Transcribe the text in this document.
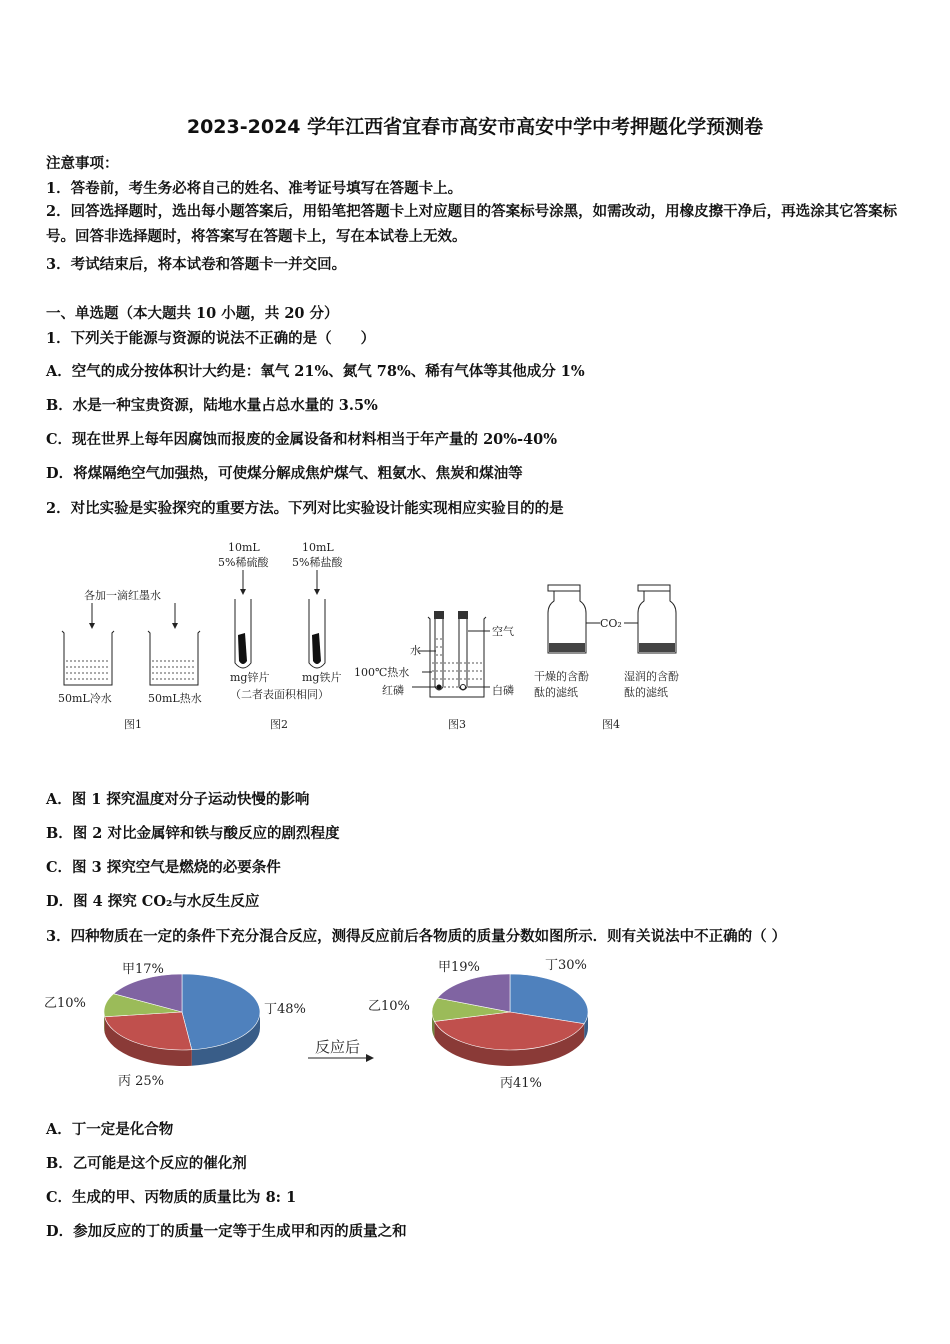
2023-2024 学年江西省宜春市高安市高安中学中考押题化学预测卷
注意事项：
1．答卷前，考生务必将自己的姓名、准考证号填写在答题卡上。
2．回答选择题时，选出每小题答案后，用铅笔把答题卡上对应题目的答案标号涂黑，如需改动，用橡皮擦干净后，再选涂其它答案标号。回答非选择题时，将答案写在答题卡上，写在本试卷上无效。
3．考试结束后，将本试卷和答题卡一并交回。
一、单选题（本大题共 10 小题，共 20 分）
1．下列关于能源与资源的说法不正确的是（　　）
A．空气的成分按体积计大约是：氧气 21%、氮气 78%、稀有气体等其他成分 1%
B．水是一种宝贵资源，陆地水量占总水量的 3.5%
C．现在世界上每年因腐蚀而报废的金属设备和材料相当于年产量的 20%-40%
D．将煤隔绝空气加强热，可使煤分解成焦炉煤气、粗氨水、焦炭和煤油等
2．对比实验是实验探究的重要方法。下列对比实验设计能实现相应实验目的的是
各加一滴红墨水
50mL冷水	50mL热水
图1
10mL
5%稀硫酸
10mL
5%稀盐酸
mg锌片	mg铁片
（二者表面积相同）
图2
水
空气
100℃热水
红磷	白磷
图3
CO₂
干燥的含酚
酞的滤纸
湿润的含酚
酞的滤纸
图4
A．图 1 探究温度对分子运动快慢的影响
B．图 2 对比金属锌和铁与酸反应的剧烈程度
C．图 3 探究空气是燃烧的必要条件
D．图 4 探究 CO₂与水反生反应
3．四种物质在一定的条件下充分混合反应，测得反应前后各物质的质量分数如图所示．则有关说法中不正确的（ ）
甲17%
乙10%
丙 25%
丁48%
甲19%
乙10%
丙41%
丁30%
反应后
A．丁一定是化合物
B．乙可能是这个反应的催化剂
C．生成的甲、丙物质的质量比为 8: 1
D．参加反应的丁的质量一定等于生成甲和丙的质量之和
